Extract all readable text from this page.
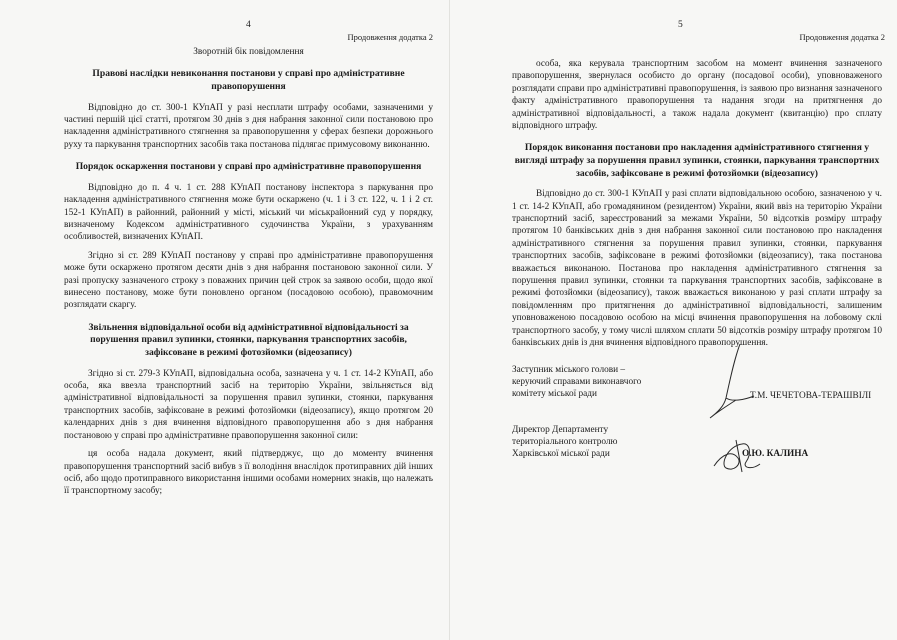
4
Продовження додатка 2
Зворотній бік повідомлення
Правові наслідки невиконання постанови у справі про адміністративне правопорушення

Відповідно до ст. 300-1 КУпАП у разі несплати штрафу особами, зазначеними у частині першій цієї статті, протягом 30 днів з дня набрання законної сили постановою про накладення адміністративного стягнення за правопорушення у сферах безпеки дорожнього руху та паркування транспортних засобів така постанова підлягає примусовому виконанню.

Порядок оскарження постанови у справі про адміністративне правопорушення

Відповідно до п. 4 ч. 1 ст. 288 КУпАП постанову інспектора з паркування про накладення адміністративного стягнення може бути оскаржено (ч. 1 і 3 ст. 122, ч. 1 і 2 ст. 152-1 КУпАП) в районний, районний у місті, міський чи міськрайонний суд у порядку, визначеному Кодексом адміністративного судочинства України, з урахуванням особливостей, визначених КУпАП.

Згідно зі ст. 289 КУпАП постанову у справі про адміністративне правопорушення може бути оскаржено протягом десяти днів з дня набрання постановою законної сили. У разі пропуску зазначеного строку з поважних причин цей строк за заявою особи, щодо якої винесено постанову, може бути поновлено органом (посадовою особою), правомочним розглядати скаргу.

Звільнення відповідальної особи від адміністративної відповідальності за порушення правил зупинки, стоянки, паркування транспортних засобів, зафіксоване в режимі фотозйомки (відеозапису)

Згідно зі ст. 279-3 КУпАП, відповідальна особа, зазначена у ч. 1 ст. 14-2 КУпАП, або особа, яка ввезла транспортний засіб на територію України, звільняється від адміністративної відповідальності за порушення правил зупинки, стоянки, паркування транспортних засобів, зафіксоване в режимі фотозйомки (відеозапису), якщо протягом 20 календарних днів з дня вчинення відповідного правопорушення або з дня набрання постановою у справі про адміністративне правопорушення законної сили:

ця особа надала документ, який підтверджує, що до моменту вчинення правопорушення транспортний засіб вибув з її володіння внаслідок протиправних дій інших осіб, або щодо протиправного використання іншими особами номерних знаків, що належать її транспортному засобу;

5
Продовження додатка 2

особа, яка керувала транспортним засобом на момент вчинення зазначеного правопорушення, звернулася особисто до органу (посадової особи), уповноваженого розглядати справи про адміністративні правопорушення, із заявою про визнання зазначеного факту адміністративного правопорушення та надання згоди на притягнення до адміністративної відповідальності, а також надала документ (квитанцію) про сплату відповідного штрафу.

Порядок виконання постанови про накладення адміністративного стягнення у вигляді штрафу за порушення правил зупинки, стоянки, паркування транспортних засобів, зафіксоване в режимі фотозйомки (відеозапису)

Відповідно до ст. 300-1 КУпАП у разі сплати відповідальною особою, зазначеною у ч. 1 ст. 14-2 КУпАП, або громадянином (резидентом) України, який ввіз на територію України транспортний засіб, зареєстрований за межами України, 50 відсотків розміру штрафу протягом 10 банківських днів з дня набрання законної сили постановою про накладення адміністративного стягнення за порушення правил зупинки, стоянки, паркування транспортних засобів, зафіксоване в режимі фотозйомки (відеозапису), така постанова вважається виконаною. Постанова про накладення адміністративного стягнення за порушення правил зупинки, стоянки та паркування транспортних засобів, зафіксоване в режимі фотозйомки (відеозапису), також вважається виконаною у разі сплати штрафу за повідомленням про притягнення до адміністративної відповідальності, залишеним уповноваженою посадовою особою на місці вчинення правопорушення на лобовому склі транспортного засобу, у тому числі шляхом сплати 50 відсотків розміру штрафу протягом 10 банківських днів із дня вчинення відповідного правопорушення.

Заступник міського голови –
керуючий справами виконавчого
комітету міської ради	Т.М. ЧЕЧЕТОВА-ТЕРАШВІЛІ
Директор Департаменту
територіального контролю
Харківської міської ради	О.Ю. КАЛИНА
